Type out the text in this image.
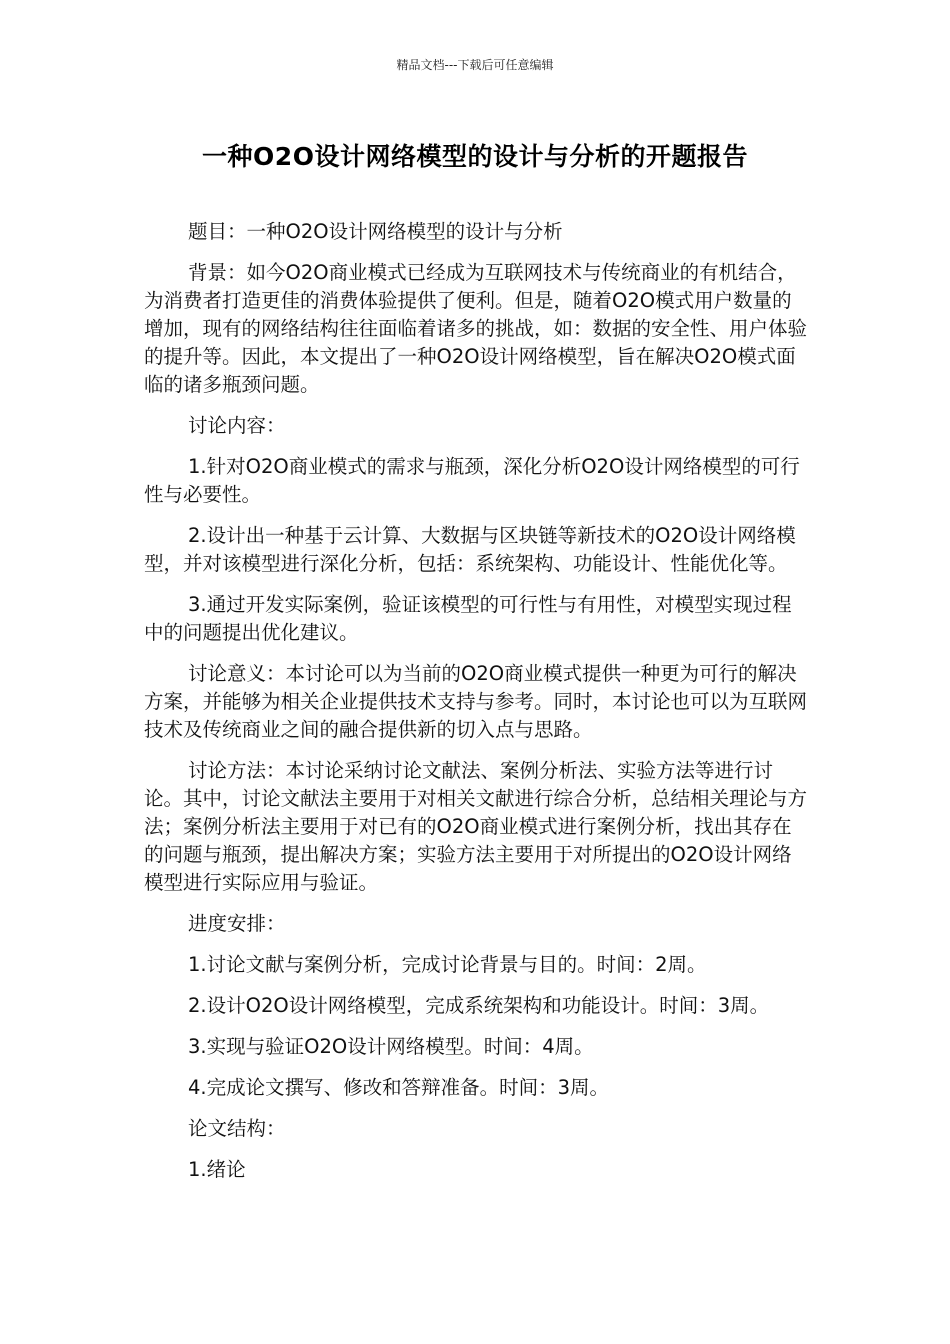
精品文档---下载后可任意编辑
一种O2O设计网络模型的设计与分析的开题报告

题目：一种O2O设计网络模型的设计与分析

背景：如今O2O商业模式已经成为互联网技术与传统商业的有机结合，为消费者打造更佳的消费体验提供了便利。但是，随着O2O模式用户数量的增加，现有的网络结构往往面临着诸多的挑战，如：数据的安全性、用户体验的提升等。因此，本文提出了一种O2O设计网络模型，旨在解决O2O模式面临的诸多瓶颈问题。

讨论内容：

1.针对O2O商业模式的需求与瓶颈，深化分析O2O设计网络模型的可行性与必要性。

2.设计出一种基于云计算、大数据与区块链等新技术的O2O设计网络模型，并对该模型进行深化分析，包括：系统架构、功能设计、性能优化等。

3.通过开发实际案例，验证该模型的可行性与有用性，对模型实现过程中的问题提出优化建议。

讨论意义：本讨论可以为当前的O2O商业模式提供一种更为可行的解决方案，并能够为相关企业提供技术支持与参考。同时，本讨论也可以为互联网技术及传统商业之间的融合提供新的切入点与思路。

讨论方法：本讨论采纳讨论文献法、案例分析法、实验方法等进行讨论。其中，讨论文献法主要用于对相关文献进行综合分析，总结相关理论与方法；案例分析法主要用于对已有的O2O商业模式进行案例分析，找出其存在的问题与瓶颈，提出解决方案；实验方法主要用于对所提出的O2O设计网络模型进行实际应用与验证。

进度安排：

1.讨论文献与案例分析，完成讨论背景与目的。时间：2周。

2.设计O2O设计网络模型，完成系统架构和功能设计。时间：3周。

3.实现与验证O2O设计网络模型。时间：4周。

4.完成论文撰写、修改和答辩准备。时间：3周。

论文结构：

1.绪论
